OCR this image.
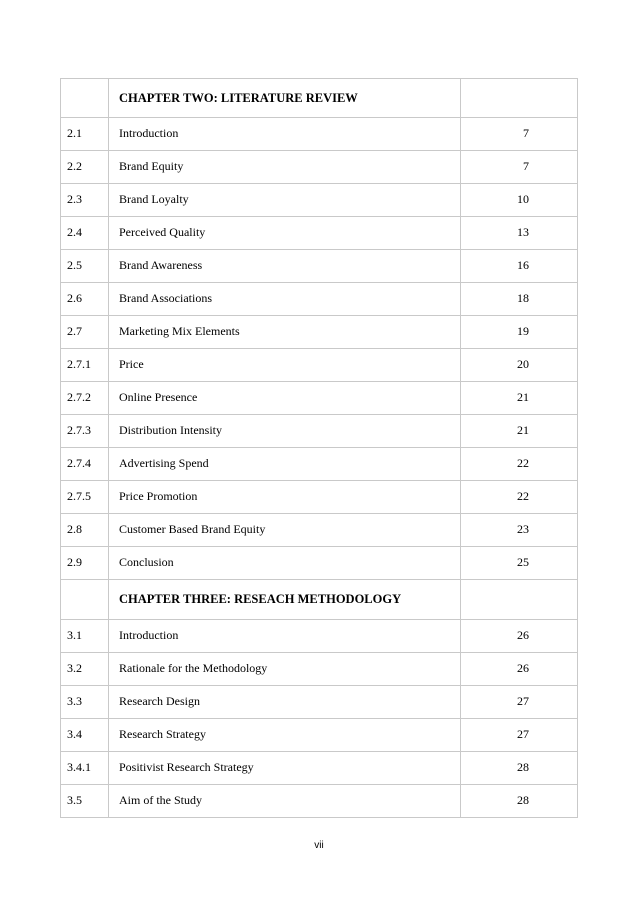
	CHAPTER TWO: LITERATURE REVIEW	
2.1	Introduction	7
2.2	Brand Equity	7
2.3	Brand Loyalty	10
2.4	Perceived Quality	13
2.5	Brand Awareness	16
2.6	Brand Associations	18
2.7	Marketing Mix Elements	19
2.7.1	Price	20
2.7.2	Online Presence	21
2.7.3	Distribution Intensity	21
2.7.4	Advertising Spend	22
2.7.5	Price Promotion	22
2.8	Customer Based Brand Equity	23
2.9	Conclusion	25
	CHAPTER THREE: RESEACH METHODOLOGY	
3.1	Introduction	26
3.2	Rationale for the Methodology	26
3.3	Research Design	27
3.4	Research Strategy	27
3.4.1	Positivist Research Strategy	28
3.5	Aim of the Study	28
vii
